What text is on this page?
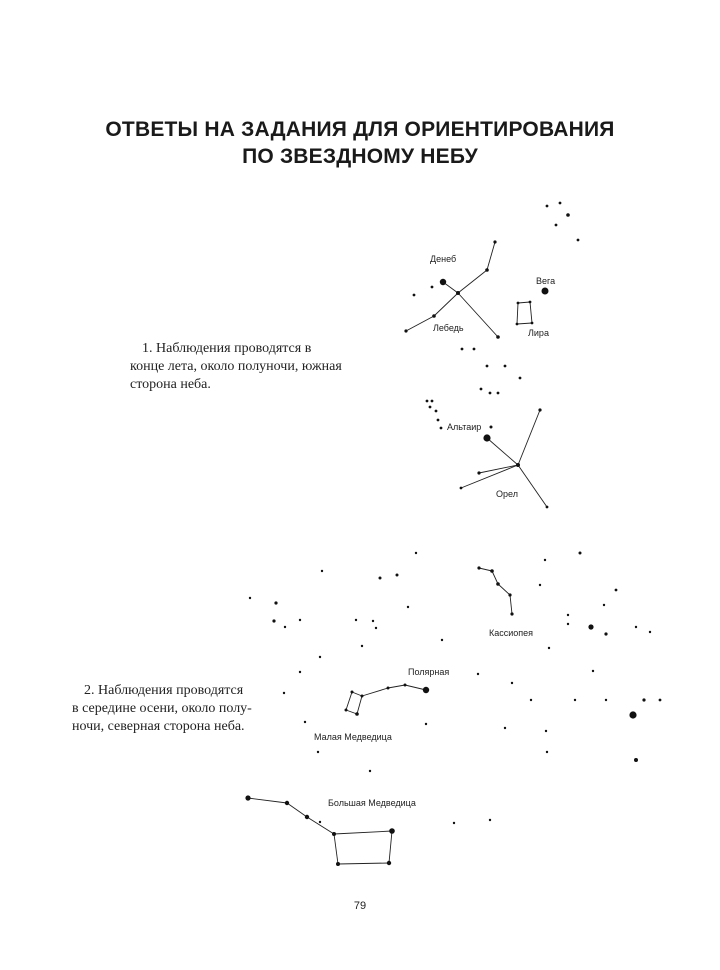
ОТВЕТЫ НА ЗАДАНИЯ ДЛЯ ОРИЕНТИРОВАНИЯ
ПО ЗВЕЗДНОМУ НЕБУ

1. Наблюдения проводятся в
конце лета, около полуночи, южная
сторона неба.

2. Наблюдения проводятся
в середине осени, около полу-
ночи, северная сторона неба.

Денеб
Лебедь
Вега
Лира
Альтаир
Орел
Кассиопея
Полярная
Малая Медведица
Большая Медведица
79
